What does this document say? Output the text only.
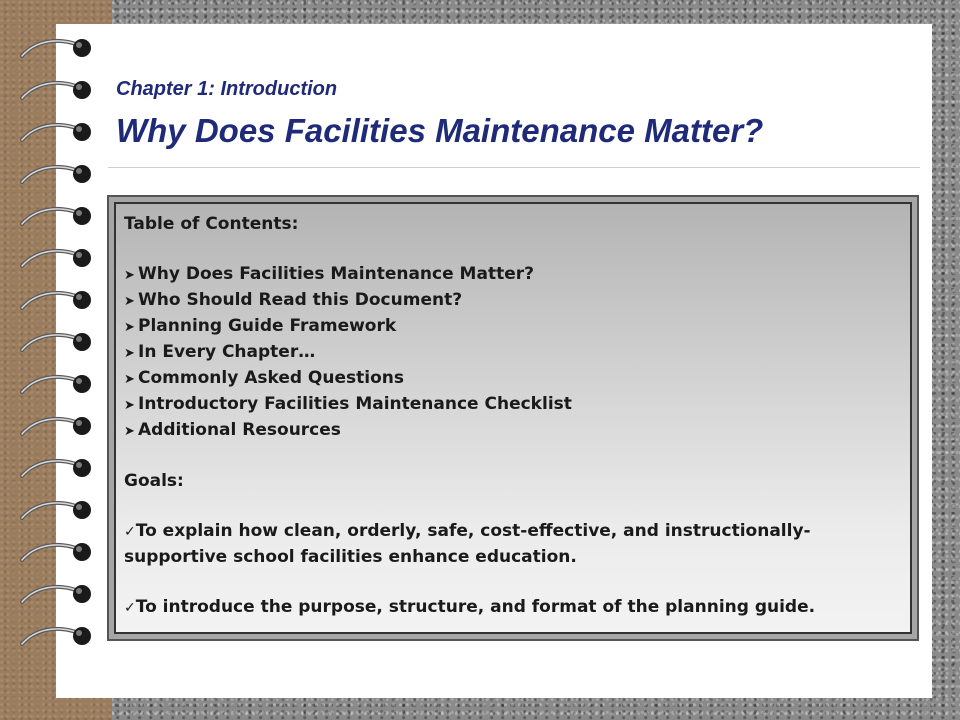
Chapter 1: Introduction
Why Does Facilities Maintenance Matter?

Table of Contents:

➤ Why Does Facilities Maintenance Matter?
➤ Who Should Read this Document?
➤ Planning Guide Framework
➤ In Every Chapter…
➤ Commonly Asked Questions
➤ Introductory Facilities Maintenance Checklist
➤ Additional Resources

Goals:

✓To explain how clean, orderly, safe, cost-effective, and instructionally-supportive school facilities enhance education.

✓To introduce the purpose, structure, and format of the planning guide.
